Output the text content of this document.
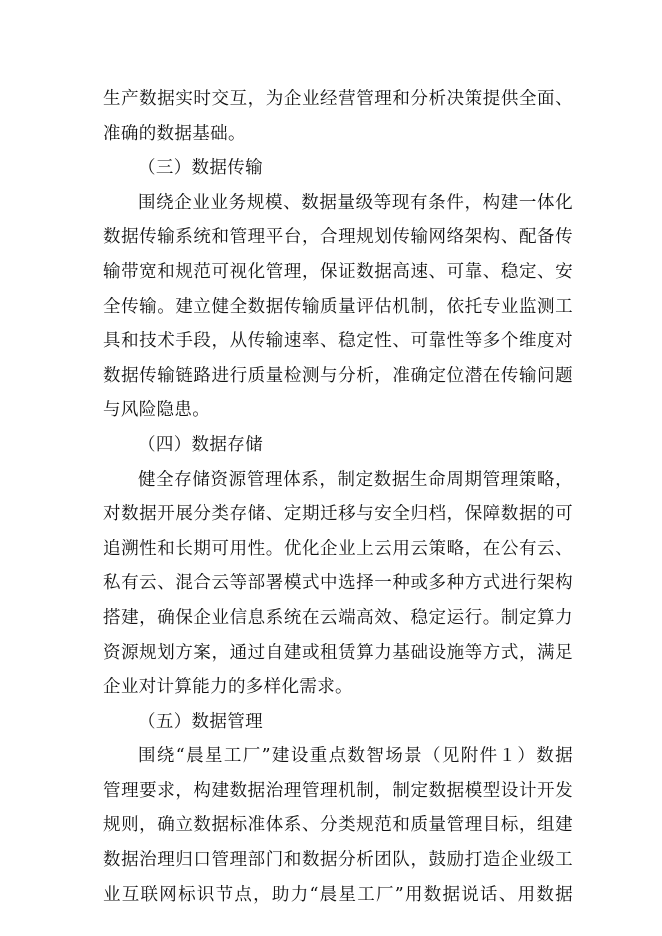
生产数据实时交互，为企业经营管理和分析决策提供全面、
准确的数据基础。
（三）数据传输
围绕企业业务规模、数据量级等现有条件，构建一体化
数据传输系统和管理平台，合理规划传输网络架构、配备传
输带宽和规范可视化管理，保证数据高速、可靠、稳定、安
全传输。建立健全数据传输质量评估机制，依托专业监测工
具和技术手段，从传输速率、稳定性、可靠性等多个维度对
数据传输链路进行质量检测与分析，准确定位潜在传输问题
与风险隐患。
（四）数据存储
健全存储资源管理体系，制定数据生命周期管理策略，
对数据开展分类存储、定期迁移与安全归档，保障数据的可
追溯性和长期可用性。优化企业上云用云策略，在公有云、
私有云、混合云等部署模式中选择一种或多种方式进行架构
搭建，确保企业信息系统在云端高效、稳定运行。制定算力
资源规划方案，通过自建或租赁算力基础设施等方式，满足
企业对计算能力的多样化需求。
（五）数据管理
围绕“晨星工厂”建设重点数智场景（见附件１）数据
管理要求，构建数据治理管理机制，制定数据模型设计开发
规则，确立数据标准体系、分类规范和质量管理目标，组建
数据治理归口管理部门和数据分析团队，鼓励打造企业级工
业互联网标识节点，助力“晨星工厂”用数据说话、用数据
